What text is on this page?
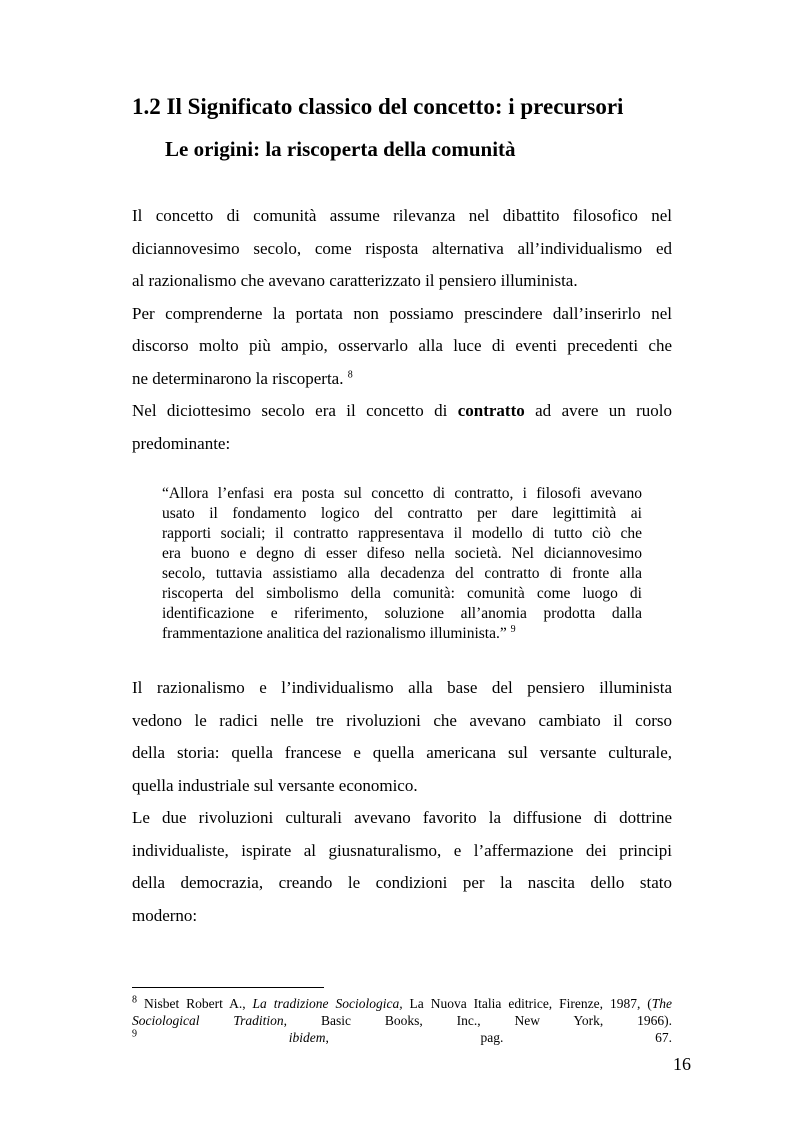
1.2 Il Significato classico del concetto: i precursori
Le origini: la riscoperta della comunità

Il concetto di comunità assume rilevanza nel dibattito filosofico nel
diciannovesimo secolo, come risposta alternativa all’individualismo ed
al razionalismo che avevano caratterizzato il pensiero illuminista.

Per comprenderne la portata non possiamo prescindere dall’inserirlo nel
discorso molto più ampio, osservarlo alla luce di eventi precedenti che
ne determinarono la riscoperta. $^8$

Nel diciottesimo secolo era il concetto di contratto ad avere un ruolo
predominante:

“Allora l’enfasi era posta sul concetto di contratto, i filosofi avevano
usato il fondamento logico del contratto per dare legittimità ai
rapporti sociali; il contratto rappresentava il modello di tutto ciò che
era buono e degno di esser difeso nella società. Nel diciannovesimo
secolo, tuttavia assistiamo alla decadenza del contratto di fronte alla
riscoperta del simbolismo della comunità: comunità come luogo di
identificazione e riferimento, soluzione all’anomia prodotta dalla
frammentazione analitica del razionalismo illuminista.” $^9$

Il razionalismo e l’individualismo alla base del pensiero illuminista
vedono le radici nelle tre rivoluzioni che avevano cambiato il corso
della storia: quella francese e quella americana sul versante culturale,
quella industriale sul versante economico.

Le due rivoluzioni culturali avevano favorito la diffusione di dottrine
individualiste, ispirate al giusnaturalismo, e l’affermazione dei principi
della democrazia, creando le condizioni per la nascita dello stato
moderno:

$^8$ Nisbet Robert A., La tradizione Sociologica, La Nuova Italia editrice, Firenze, 1987, (The
Sociological Tradition, Basic Books, Inc., New York, 1966).
$^9$	ibidem, pag. 67.
16
